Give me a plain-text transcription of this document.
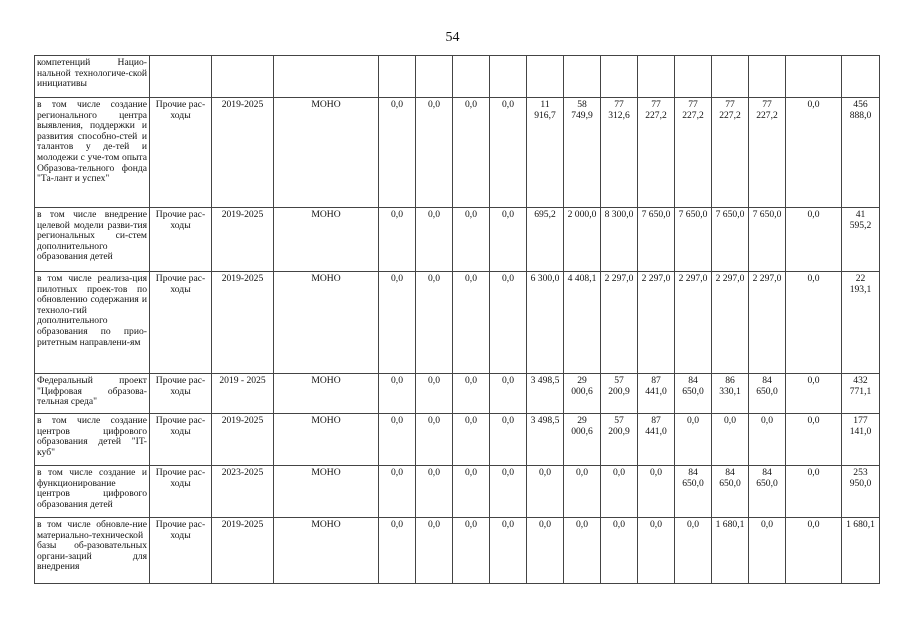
54
компетенций Нацио-нальной технологиче-ской инициативы																
в том числе создание регионального центра выявления, поддержки и развития способно-стей и талантов у де-тей и молодежи с уче-том опыта Образова-тельного фонда "Та-лант и успех"	Прочие рас-ходы	2019-2025	МОНО	0,0	0,0	0,0	0,0	11 916,7	58 749,9	77 312,6	77 227,2	77 227,2	77 227,2	77 227,2	0,0	456 888,0
в том числе внедрение целевой модели разви-тия региональных си-стем дополнительного образования детей	Прочие рас-ходы	2019-2025	МОНО	0,0	0,0	0,0	0,0	695,2	2 000,0	8 300,0	7 650,0	7 650,0	7 650,0	7 650,0	0,0	41 595,2
в том числе реализа-ция пилотных проек-тов по обновлению содержания и техноло-гий дополнительного образования по прио-ритетным направлени-ям	Прочие рас-ходы	2019-2025	МОНО	0,0	0,0	0,0	0,0	6 300,0	4 408,1	2 297,0	2 297,0	2 297,0	2 297,0	2 297,0	0,0	22 193,1
Федеральный проект "Цифровая образова-тельная среда"	Прочие рас-ходы	2019 - 2025	МОНО	0,0	0,0	0,0	0,0	3 498,5	29 000,6	57 200,9	87 441,0	84 650,0	86 330,1	84 650,0	0,0	432 771,1
в том числе создание центров цифрового образования детей "IT-куб"	Прочие рас-ходы	2019-2025	МОНО	0,0	0,0	0,0	0,0	3 498,5	29 000,6	57 200,9	87 441,0	0,0	0,0	0,0	0,0	177 141,0
в том числе создание и функционирование центров цифрового образования детей	Прочие рас-ходы	2023-2025	МОНО	0,0	0,0	0,0	0,0	0,0	0,0	0,0	0,0	84 650,0	84 650,0	84 650,0	0,0	253 950,0
в том числе обновле-ние материально-технической базы об-разовательных органи-заций для внедрения	Прочие рас-ходы	2019-2025	МОНО	0,0	0,0	0,0	0,0	0,0	0,0	0,0	0,0	0,0	1 680,1	0,0	0,0	1 680,1
